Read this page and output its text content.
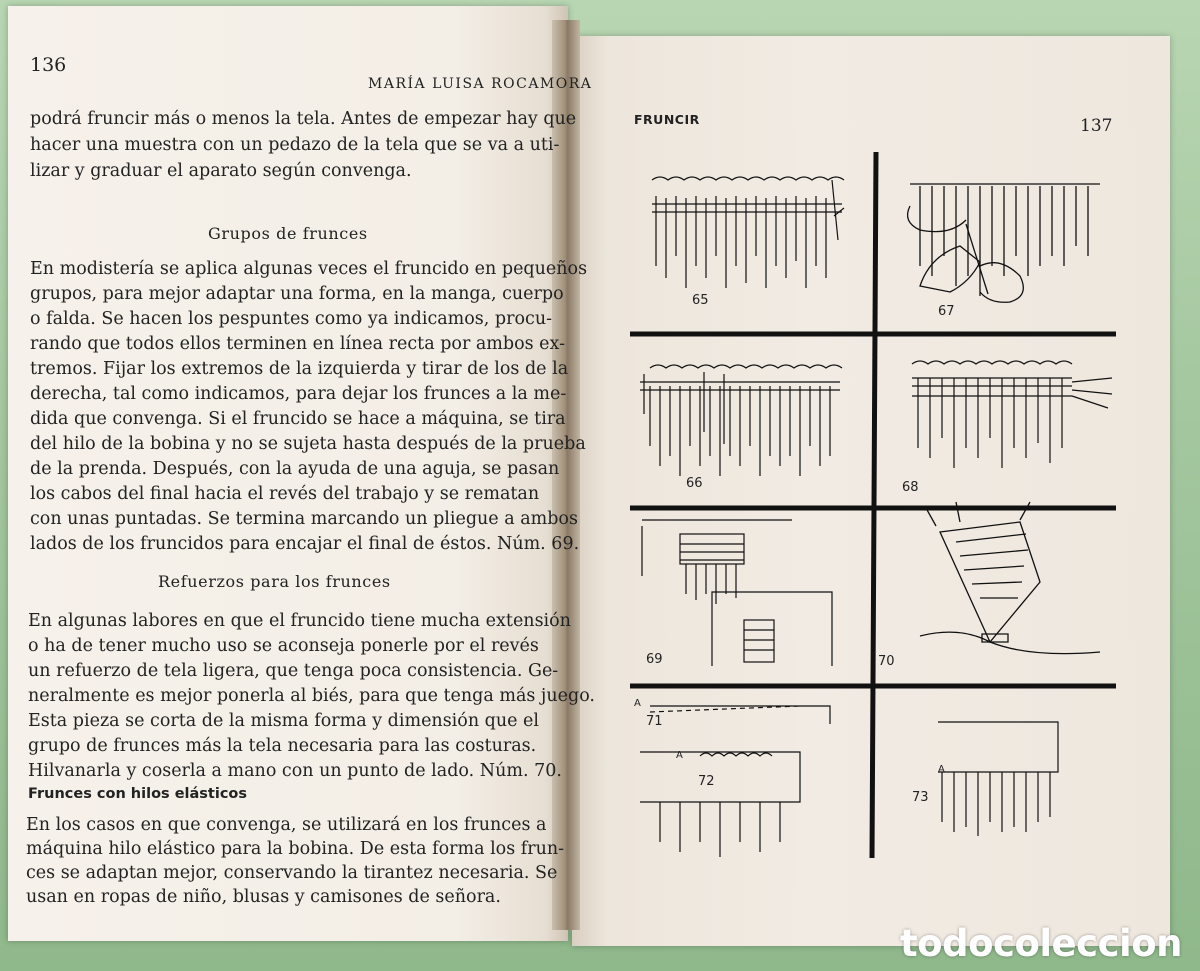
136
MARÍA LUISA ROCAMORA
podrá fruncir más o menos la tela. Antes de empezar hay que
hacer una muestra con un pedazo de la tela que se va a uti-
lizar y graduar el aparato según convenga.
Grupos de frunces
En modistería se aplica algunas veces el fruncido en pequeños
grupos, para mejor adaptar una forma, en la manga, cuerpo
o falda. Se hacen los pespuntes como ya indicamos, procu-
rando que todos ellos terminen en línea recta por ambos ex-
tremos. Fijar los extremos de la izquierda y tirar de los de la
derecha, tal como indicamos, para dejar los frunces a la me-
dida que convenga. Si el fruncido se hace a máquina, se tira
del hilo de la bobina y no se sujeta hasta después de la prueba
de la prenda. Después, con la ayuda de una aguja, se pasan
los cabos del final hacia el revés del trabajo y se rematan
con unas puntadas. Se termina marcando un pliegue a ambos
lados de los fruncidos para encajar el final de éstos. Núm. 69.
Refuerzos para los frunces
En algunas labores en que el fruncido tiene mucha extensión
o ha de tener mucho uso se aconseja ponerle por el revés
un refuerzo de tela ligera, que tenga poca consistencia. Ge-
neralmente es mejor ponerla al biés, para que tenga más juego.
Esta pieza se corta de la misma forma y dimensión que el
grupo de frunces más la tela necesaria para las costuras.
Hilvanarla y coserla a mano con un punto de lado. Núm. 70.
Frunces con hilos elásticos
En los casos en que convenga, se utilizará en los frunces a
máquina hilo elástico para la bobina. De esta forma los frun-
ces se adaptan mejor, conservando la tirantez necesaria. Se
usan en ropas de niño, blusas y camisones de señora.
FRUNCIR	137
65
67
66	68
69	70
71
72
73
A
A
A
todocoleccion
